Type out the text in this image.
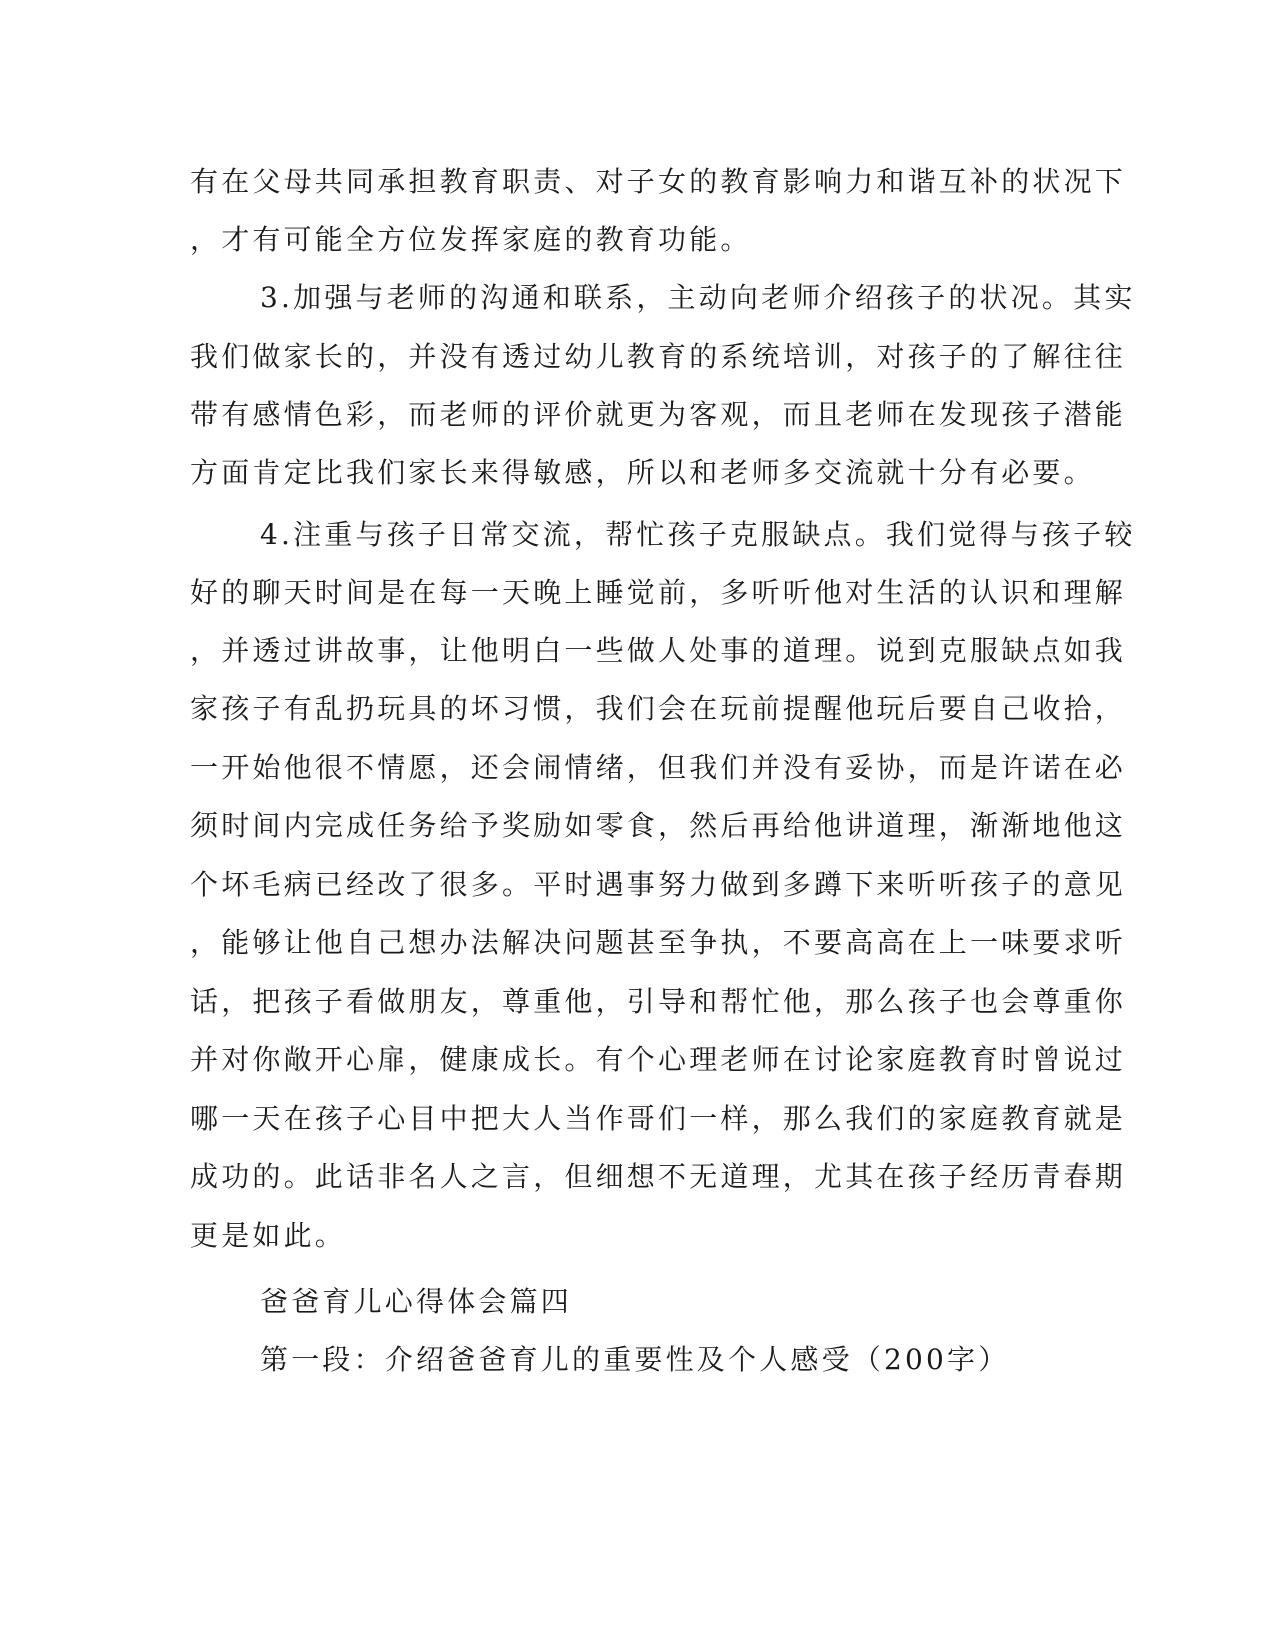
有在父母共同承担教育职责、对子女的教育影响力和谐互补的状况下
，才有可能全方位发挥家庭的教育功能。
3.加强与老师的沟通和联系，主动向老师介绍孩子的状况。其实
我们做家长的，并没有透过幼儿教育的系统培训，对孩子的了解往往
带有感情色彩，而老师的评价就更为客观，而且老师在发现孩子潜能
方面肯定比我们家长来得敏感，所以和老师多交流就十分有必要。
4.注重与孩子日常交流，帮忙孩子克服缺点。我们觉得与孩子较
好的聊天时间是在每一天晚上睡觉前，多听听他对生活的认识和理解
，并透过讲故事，让他明白一些做人处事的道理。说到克服缺点如我
家孩子有乱扔玩具的坏习惯，我们会在玩前提醒他玩后要自己收拾，
一开始他很不情愿，还会闹情绪，但我们并没有妥协，而是许诺在必
须时间内完成任务给予奖励如零食，然后再给他讲道理，渐渐地他这
个坏毛病已经改了很多。平时遇事努力做到多蹲下来听听孩子的意见
，能够让他自己想办法解决问题甚至争执，不要高高在上一味要求听
话，把孩子看做朋友，尊重他，引导和帮忙他，那么孩子也会尊重你
并对你敞开心扉，健康成长。有个心理老师在讨论家庭教育时曾说过
哪一天在孩子心目中把大人当作哥们一样，那么我们的家庭教育就是
成功的。此话非名人之言，但细想不无道理，尤其在孩子经历青春期
更是如此。
爸爸育儿心得体会篇四
第一段：介绍爸爸育儿的重要性及个人感受（200字）
